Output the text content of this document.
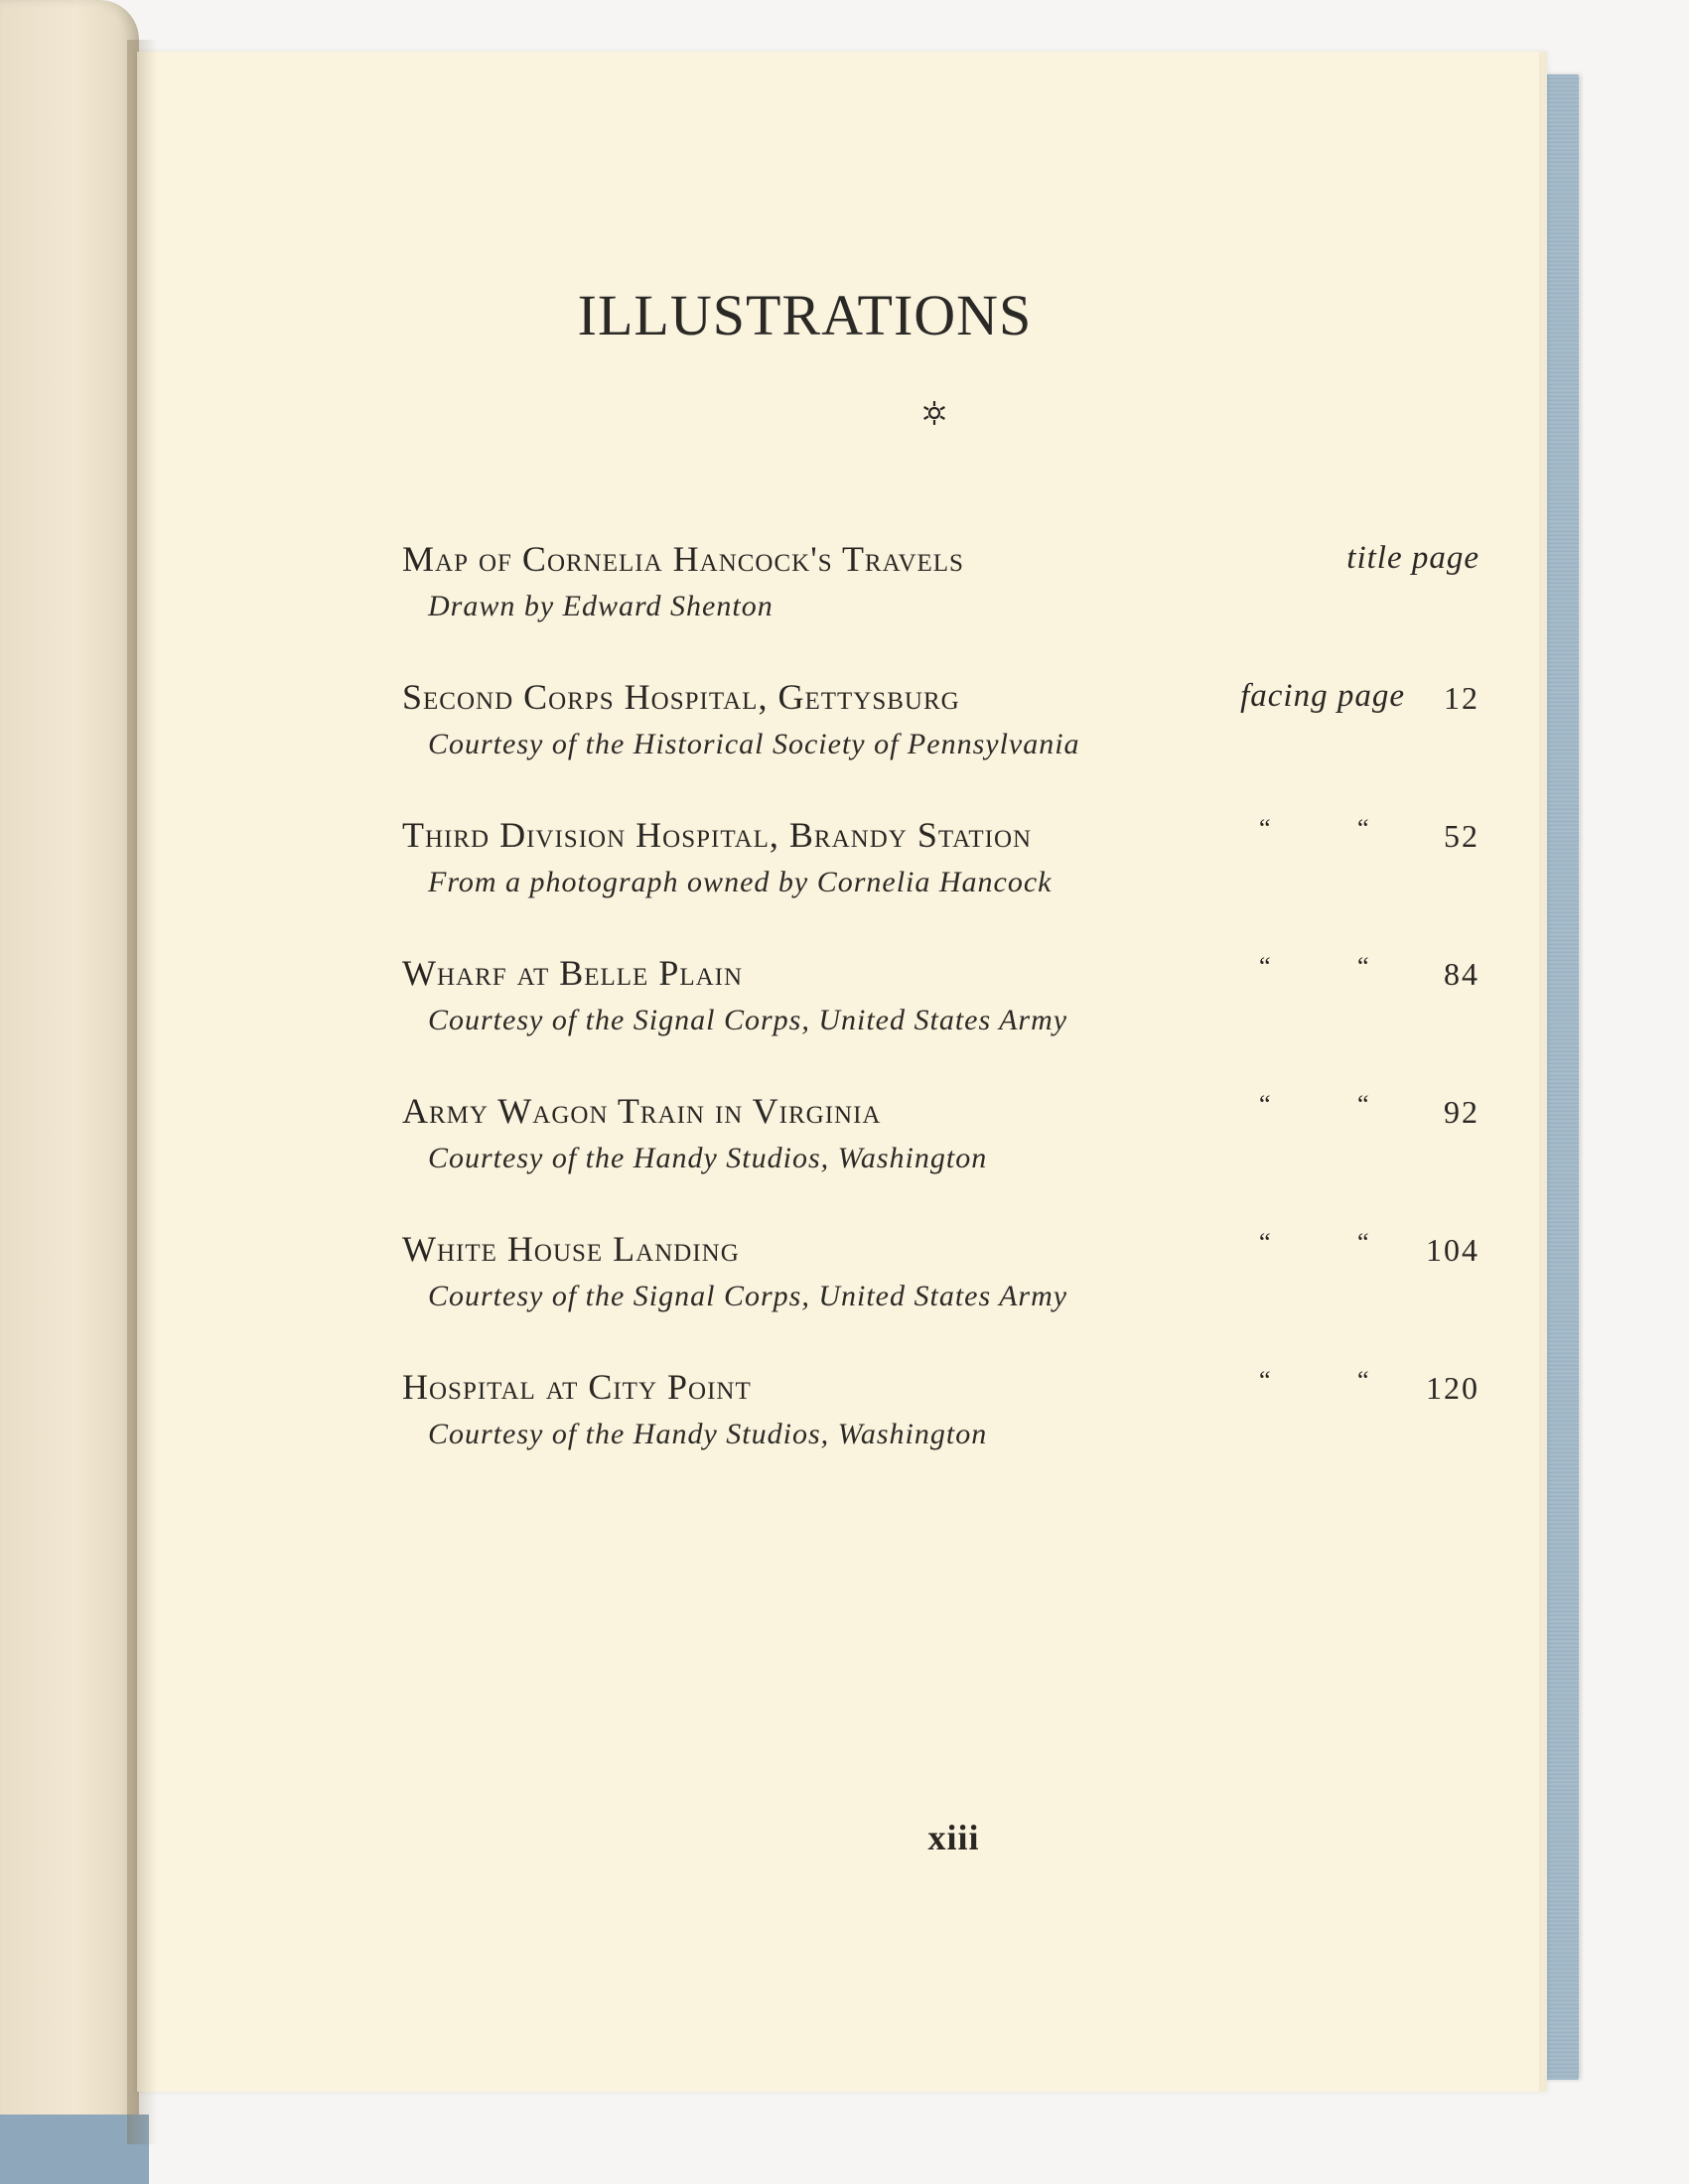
ILLUSTRATIONS
Map of Cornelia Hancock's Travels	title page
Drawn by Edward Shenton
Second Corps Hospital, Gettysburg	facing page 12
Courtesy of the Historical Society of Pennsylvania
Third Division Hospital, Brandy Station	“	“ 52
From a photograph owned by Cornelia Hancock
Wharf at Belle Plain	“	“ 84
Courtesy of the Signal Corps, United States Army
Army Wagon Train in Virginia	“	“ 92
Courtesy of the Handy Studios, Washington
White House Landing	“	“ 104
Courtesy of the Signal Corps, United States Army
Hospital at City Point	“	“ 120
Courtesy of the Handy Studios, Washington
xiii
